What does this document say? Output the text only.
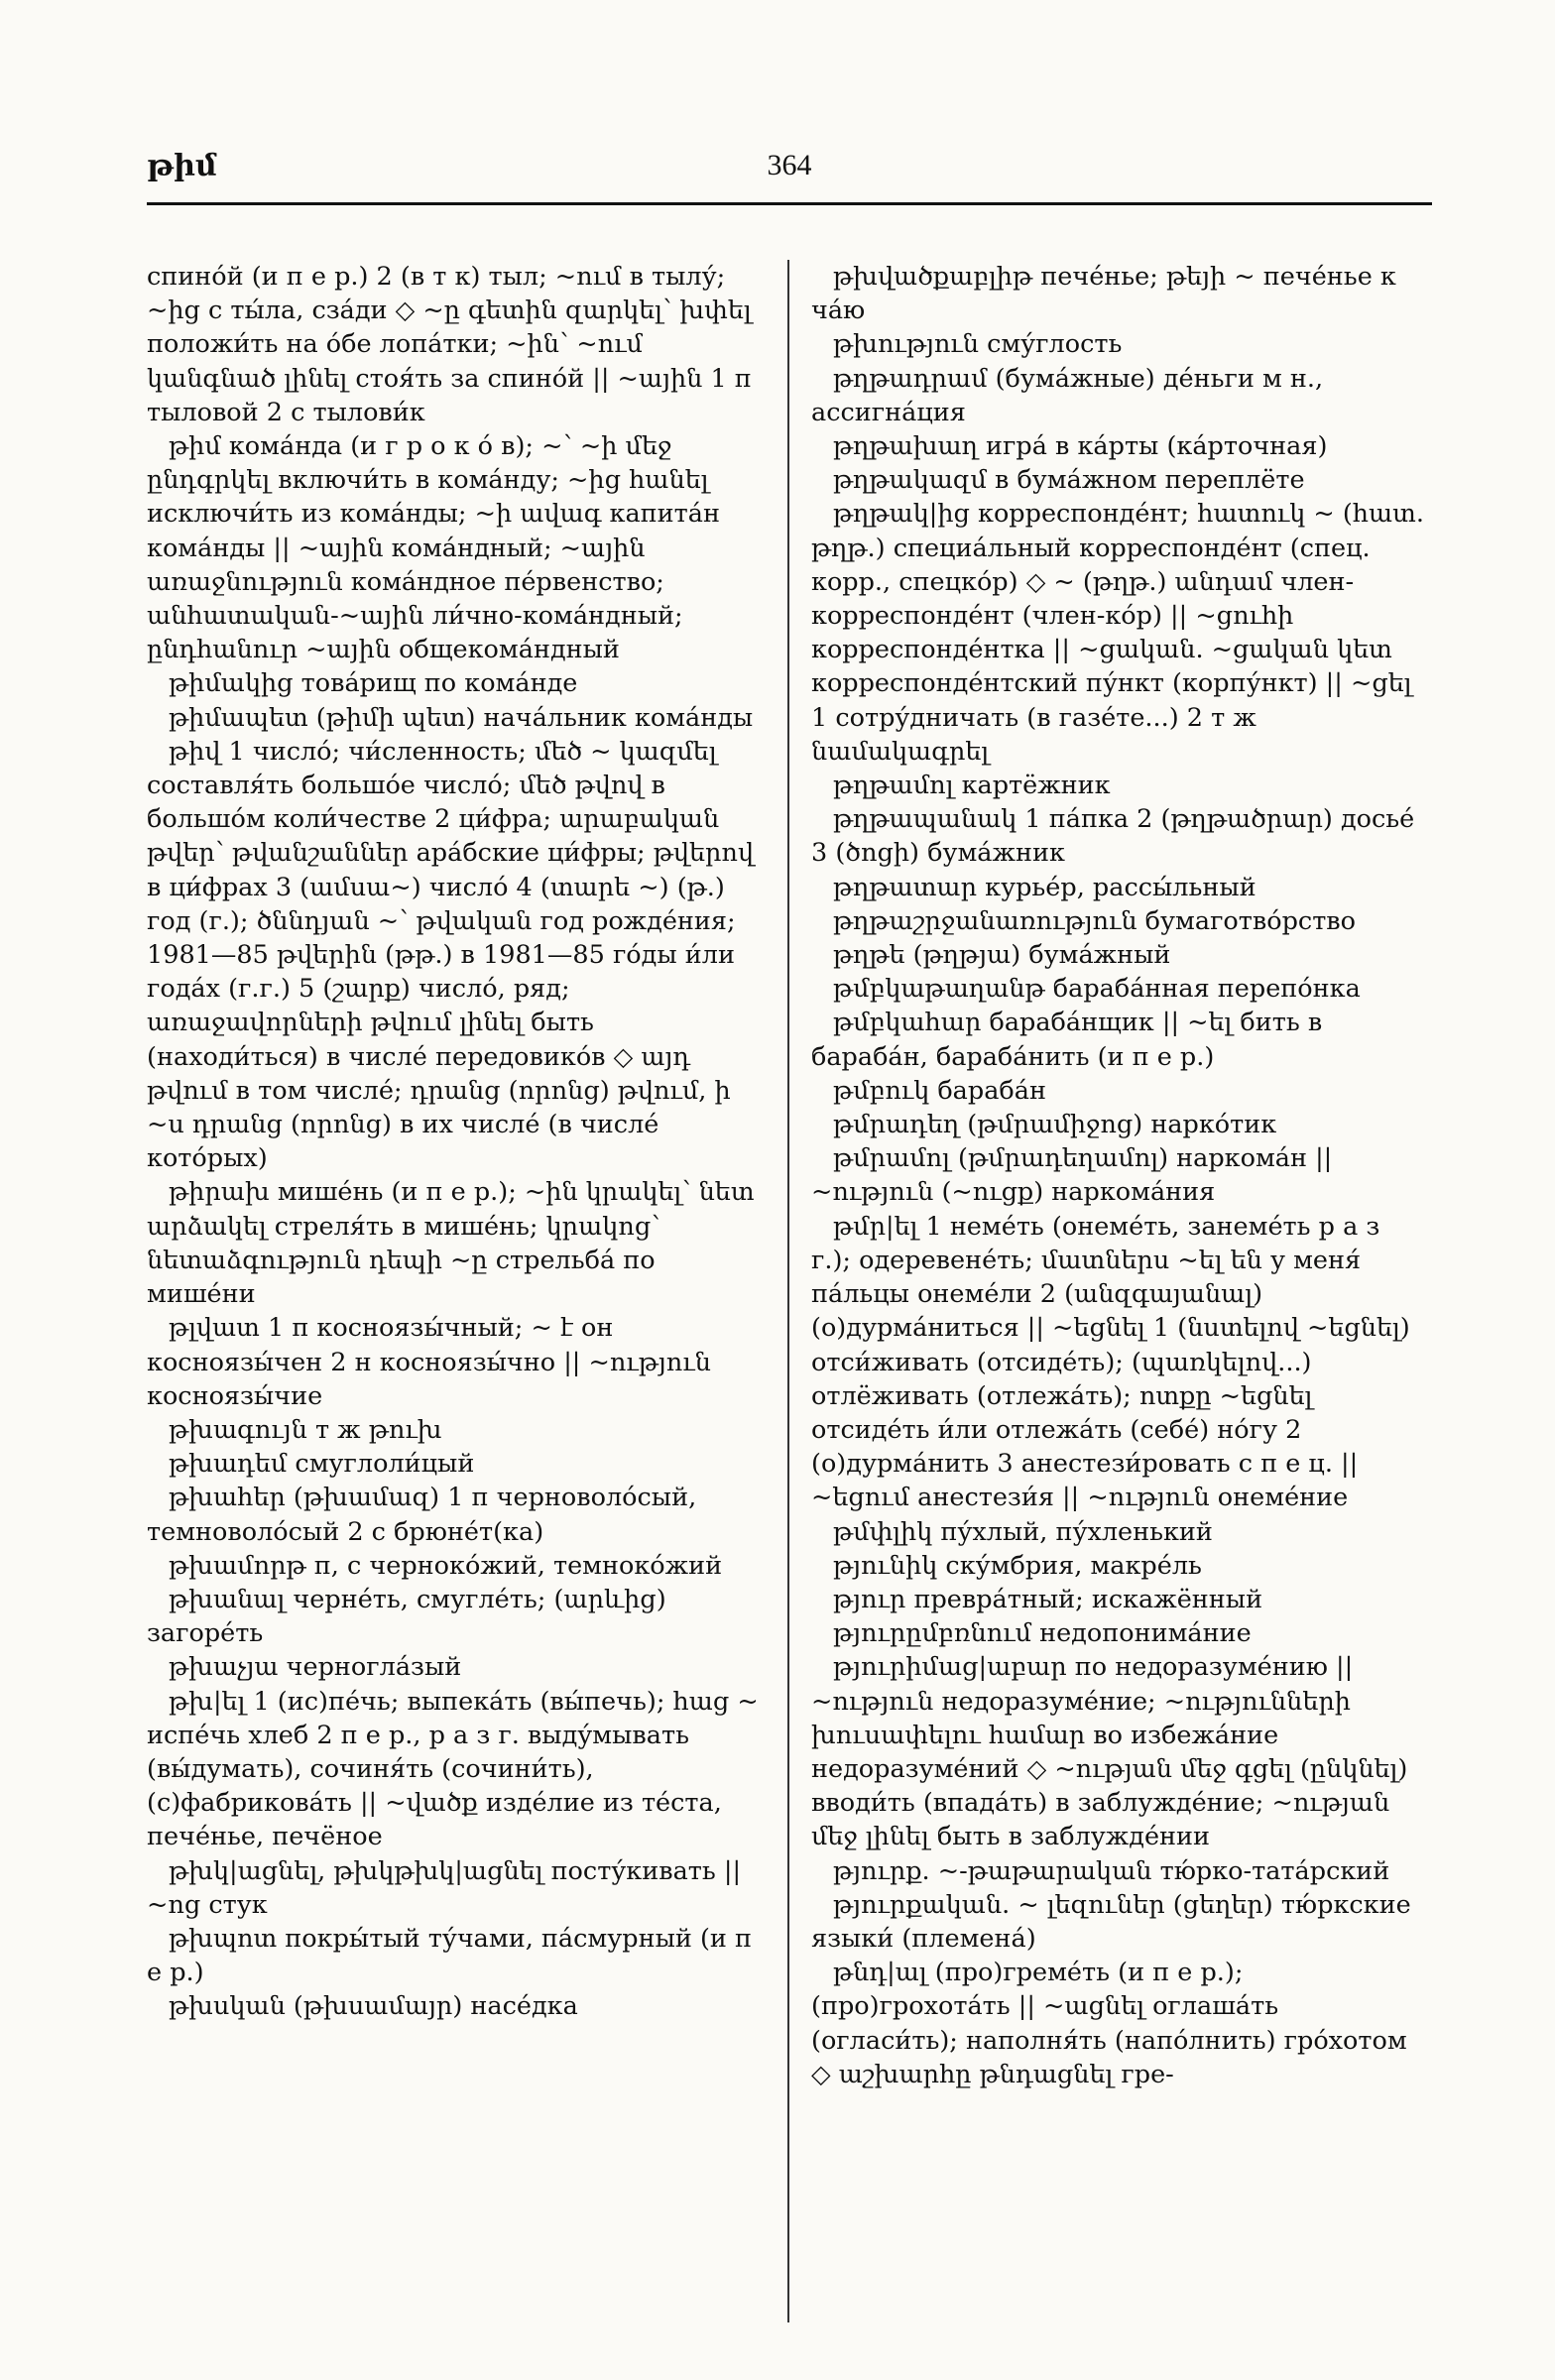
թիմ	364

спино́й (и п е р.) 2 (в т к) тыл; ~ում в тылу́; ~ից с ты́ла, сза́ди ◇ ~ը գետին զարկել՝ խփել положи́ть на о́бе лопа́тки; ~ին՝ ~ում կանգնած լինել стоя́ть за спино́й || ~ային 1 п тыловой 2 с тылови́к

թիմ кома́нда (и г р о к о́ в); ~՝ ~ի մեջ ընդգրկել включи́ть в кома́нду; ~ից հանել исключи́ть из кома́нды; ~ի ավագ капита́н кома́нды || ~ային кома́ндный; ~ային առաջնություն кома́ндное пе́рвенство; անհատական-~ային ли́чно-кома́ндный; ընդհանուր ~ային общекома́ндный

թիմակից това́рищ по кома́нде

թիմապետ (թիմի պետ) нача́льник кома́нды

թիվ 1 число́; чи́сленность; մեծ ~ կազմել составля́ть большо́е число́; մեծ թվով в большо́м коли́честве 2 ци́фра; արաբական թվեր՝ թվանշաններ ара́бские ци́фры; թվերով в ци́фрах 3 (ամսա~) число́ 4 (տարե ~) (թ.) год (г.); ծննդյան ~՝ թվական год рожде́ния; 1981—85 թվերին (թթ.) в 1981—85 го́ды и́ли года́х (г.г.) 5 (շարք) число́, ряд; առաջավորների թվում լինել быть (находи́ться) в числе́ передовико́в ◇ այդ թվում в том числе́; դրանց (որոնց) թվում, ի ~ս դրանց (որոնց) в их числе́ (в числе́ кото́рых)

թիրախ мише́нь (и п е р.); ~ին կրակել՝ նետ արձակել стреля́ть в мише́нь; կրակոց՝ նետաձգություն դեպի ~ը стрельба́ по мише́ни

թլվատ 1 п косноязы́чный; ~ է он косноязы́чен 2 н косноязы́чно || ~ություն косноязы́чие

թխագույն т ж թուխ

թխադեմ смуглоли́цый

թխահեր (թխամազ) 1 п черноволо́сый, темноволо́сый 2 с брюне́т(ка)

թխամորթ п, с черноко́жий, темноко́жий

թխանալ черне́ть, смугле́ть; (արևից) загоре́ть

թխաչյա черногла́зый

թխ|ել 1 (ис)пе́чь; выпека́ть (вы́печь); հաց ~ испе́чь хлеб 2 п е р., р а з г. выду́мывать (вы́думать), сочиня́ть (сочини́ть), (с)фабрикова́ть || ~վածք изде́лие из те́ста, пече́нье, печёное

թխկ|ացնել, թխկթխկ|ացնել посту́кивать || ~ոց стук

թխպոտ покры́тый ту́чами, па́смурный (и п е р.)

թխսկան (թխսամայր) насе́дка

թխվածքաբլիթ пече́нье; թեյի ~ пече́нье к ча́ю

թխություն сму́глость

թղթադրամ (бума́жные) де́ньги м н., ассигна́ция

թղթախաղ игра́ в ка́рты (ка́рточная)

թղթակազմ в бума́жном переплёте

թղթակ|ից корреспонде́нт; հատուկ ~ (հատ. թղթ.) специа́льный корреспонде́нт (спец. корр., спецко́р) ◇ ~ (թղթ.) անդամ член-корреспонде́нт (член-ко́р) || ~ցուհի корреспонде́нтка || ~ցական. ~ցական կետ корреспонде́нтский пу́нкт (корпу́нкт) || ~ցել 1 сотру́дничать (в газе́те...) 2 т ж նամակագրել

թղթամոլ картёжник

թղթապանակ 1 па́пка 2 (թղթածրար) досье́ 3 (ծոցի) бума́жник

թղթատար курье́р, рассы́льный

թղթաշրջանառություն бумаготво́рство

թղթե (թղթյա) бума́жный

թմբկաթաղանթ бараба́нная перепо́нка

թմբկահար бараба́нщик || ~ել бить в бараба́н, бараба́нить (и п е р.)

թմբուկ бараба́н

թմրադեղ (թմրամիջոց) нарко́тик

թմրամոլ (թմրադեղամոլ) наркома́н || ~ություն (~ուցք) наркома́ния

թմր|ել 1 неме́ть (онеме́ть, занеме́ть р а з г.); одеревене́ть; մատներս ~ել են у меня́ па́льцы онеме́ли 2 (անզգայանալ) (о)дурма́ниться || ~եցնել 1 (նստելով ~եցնել) отси́живать (отсиде́ть); (պառկելով...) отлёживать (отлежа́ть); ոտքը ~եցնել отсиде́ть и́ли отлежа́ть (себе́) но́гу 2 (о)дурма́нить 3 анестези́ровать с п е ц. || ~եցում анестези́я || ~ություն онеме́ние

թմփլիկ пу́хлый, пу́хленький

թյունիկ ску́мбрия, макре́ль

թյուր превра́тный; искажённый

թյուրըմբռնում недопонима́ние

թյուրիմաց|աբար по недоразуме́нию || ~ություն недоразуме́ние; ~ությունների խուսափելու համար во избежа́ние недоразуме́ний ◇ ~ության մեջ գցել (ընկնել) вводи́ть (впада́ть) в заблужде́ние; ~ության մեջ լինել быть в заблужде́нии

թյուրք. ~-թաթարական тю́рко-тата́рский

թյուրքական. ~ լեզուներ (ցեղեր) тю́ркские языки́ (племена́)

թնդ|ալ (про)греме́ть (и п е р.); (про)грохота́ть || ~ացնել оглаша́ть (огласи́ть); наполня́ть (напо́лнить) гро́хотом ◇ աշխարհը թնդացնել гре-
